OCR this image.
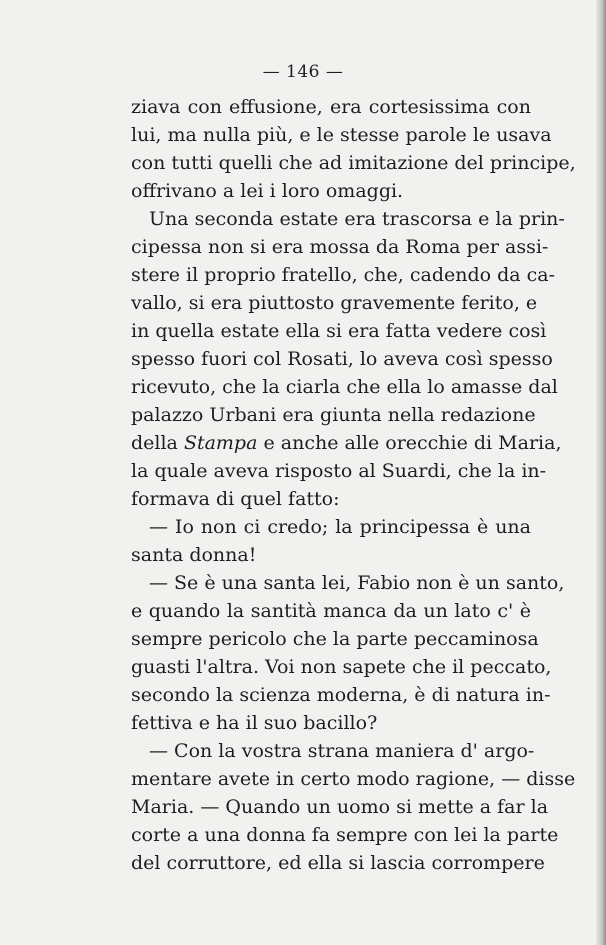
— 146 —
ziava con effusione, era cortesissima con
lui, ma nulla più, e le stesse parole le usava
con tutti quelli che ad imitazione del principe,
offrivano a lei i loro omaggi.
Una seconda estate era trascorsa e la prin-
cipessa non si era mossa da Roma per assi-
stere il proprio fratello, che, cadendo da ca-
vallo, si era piuttosto gravemente ferito, e
in quella estate ella si era fatta vedere così
spesso fuori col Rosati, lo aveva così spesso
ricevuto, che la ciarla che ella lo amasse dal
palazzo Urbani era giunta nella redazione
della Stampa e anche alle orecchie di Maria,
la quale aveva risposto al Suardi, che la in-
formava di quel fatto:
— Io non ci credo; la principessa è una
santa donna!
— Se è una santa lei, Fabio non è un santo,
e quando la santità manca da un lato c' è
sempre pericolo che la parte peccaminosa
guasti l'altra. Voi non sapete che il peccato,
secondo la scienza moderna, è di natura in-
fettiva e ha il suo bacillo?
— Con la vostra strana maniera d' argo-
mentare avete in certo modo ragione, — disse
Maria. — Quando un uomo si mette a far la
corte a una donna fa sempre con lei la parte
del corruttore, ed ella si lascia corrompere
